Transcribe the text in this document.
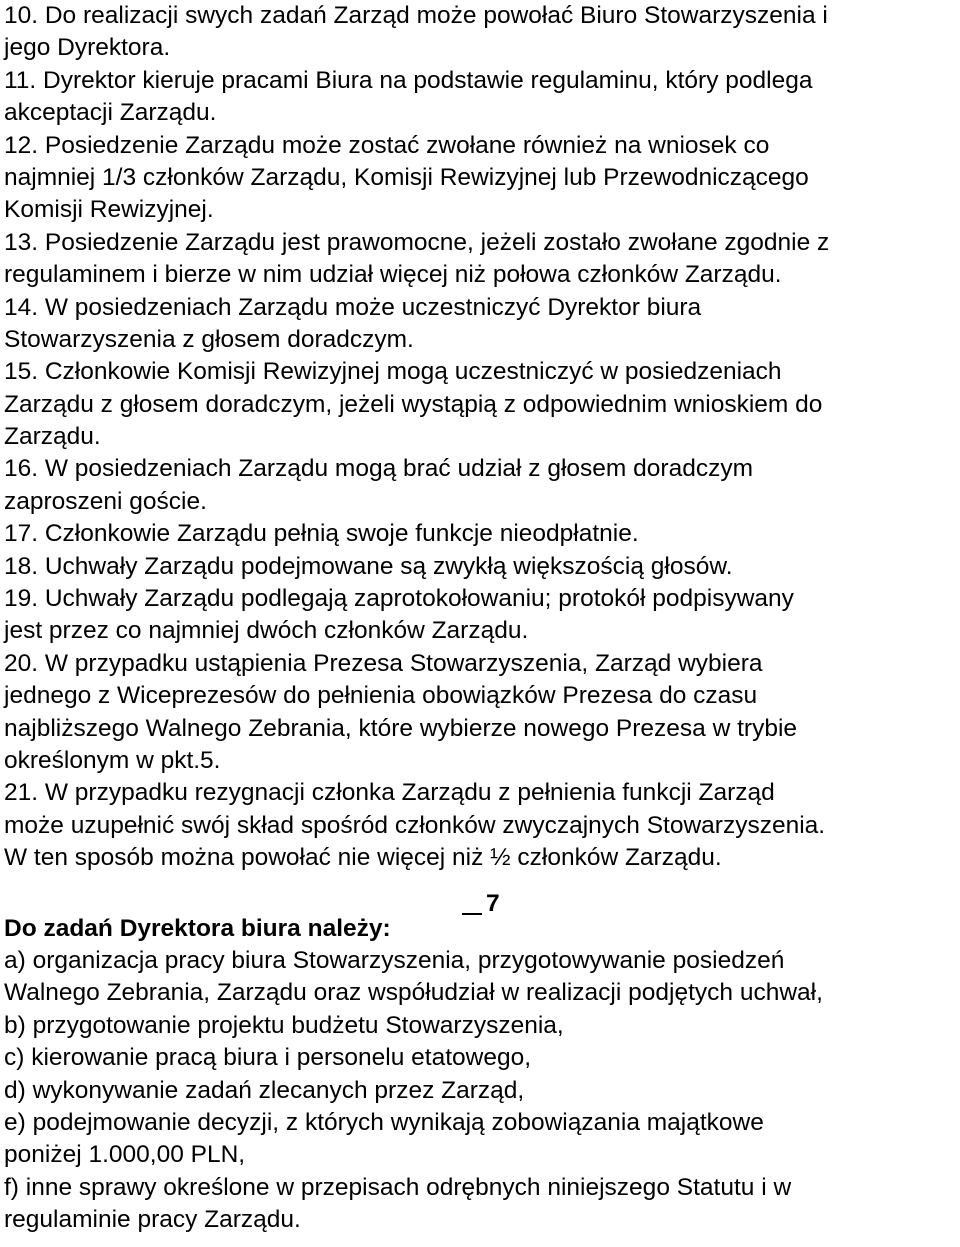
10. Do realizacji swych zadań Zarząd może powołać Biuro Stowarzyszenia i
jego Dyrektora.
11. Dyrektor kieruje pracami Biura na podstawie regulaminu, który podlega
akceptacji Zarządu.
12. Posiedzenie Zarządu może zostać zwołane również na wniosek co
najmniej 1/3 członków Zarządu, Komisji Rewizyjnej lub Przewodniczącego
Komisji Rewizyjnej.
13. Posiedzenie Zarządu jest prawomocne, jeżeli zostało zwołane zgodnie z
regulaminem i bierze w nim udział więcej niż połowa członków Zarządu.
14. W posiedzeniach Zarządu może uczestniczyć Dyrektor biura
Stowarzyszenia z głosem doradczym.
15. Członkowie Komisji Rewizyjnej mogą uczestniczyć w posiedzeniach
Zarządu z głosem doradczym, jeżeli wystąpią z odpowiednim wnioskiem do
Zarządu.
16. W posiedzeniach Zarządu mogą brać udział z głosem doradczym
zaproszeni goście.
17. Członkowie Zarządu pełnią swoje funkcje nieodpłatnie.
18. Uchwały Zarządu podejmowane są zwykłą większością głosów.
19. Uchwały Zarządu podlegają zaprotokołowaniu; protokół podpisywany
jest przez co najmniej dwóch członków Zarządu.
20. W przypadku ustąpienia Prezesa Stowarzyszenia, Zarząd wybiera
jednego z Wiceprezesów do pełnienia obowiązków Prezesa do czasu
najbliższego Walnego Zebrania, które wybierze nowego Prezesa w trybie
określonym w pkt.5.
21. W przypadku rezygnacji członka Zarządu z pełnienia funkcji Zarząd
może uzupełnić swój skład spośród członków zwyczajnych Stowarzyszenia.
W ten sposób można powołać nie więcej niż ½ członków Zarządu.
7
Do zadań Dyrektora biura należy:
a) organizacja pracy biura Stowarzyszenia, przygotowywanie posiedzeń
Walnego Zebrania, Zarządu oraz współudział w realizacji podjętych uchwał,
b) przygotowanie projektu budżetu Stowarzyszenia,
c) kierowanie pracą biura i personelu etatowego,
d) wykonywanie zadań zlecanych przez Zarząd,
e) podejmowanie decyzji, z których wynikają zobowiązania majątkowe
poniżej 1.000,00 PLN,
f) inne sprawy określone w przepisach odrębnych niniejszego Statutu i w
regulaminie pracy Zarządu.
